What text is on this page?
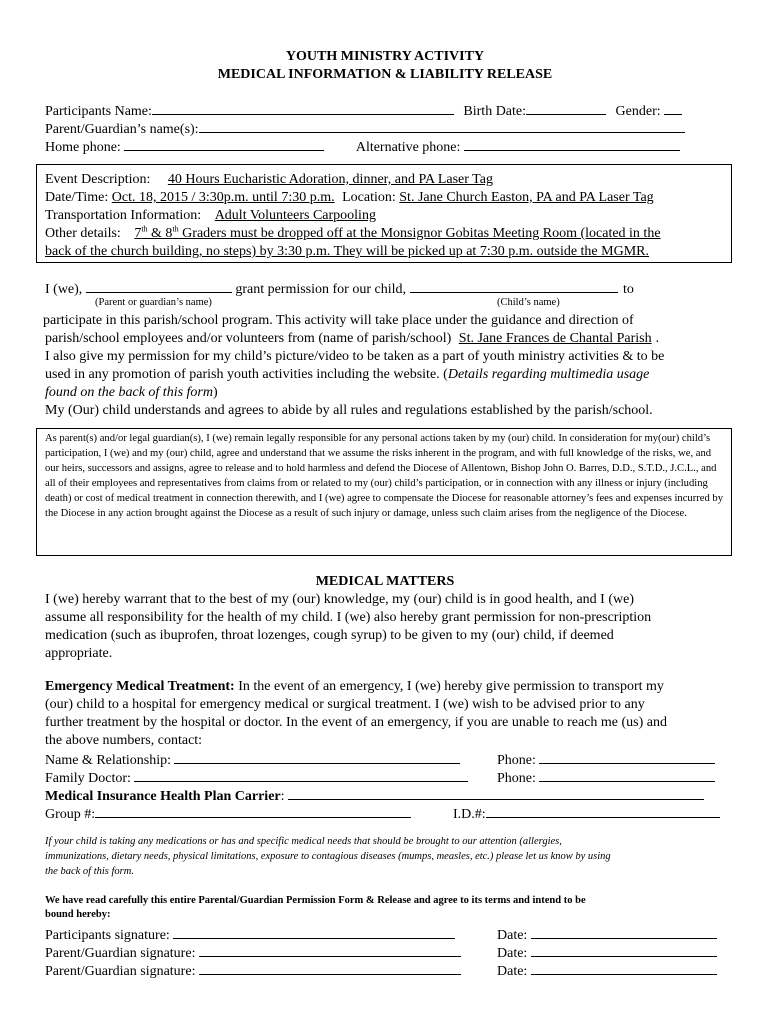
YOUTH MINISTRY ACTIVITY
MEDICAL INFORMATION & LIABILITY RELEASE
Participants Name:	Birth Date:	Gender:
Parent/Guardian’s name(s):
Home phone:	Alternative phone:
Event Description: 40 Hours Eucharistic Adoration, dinner, and PA Laser Tag
Date/Time: Oct. 18, 2015 / 3:30p.m. until 7:30 p.m. Location: St. Jane Church Easton, PA and PA Laser Tag
Transportation Information: Adult Volunteers Carpooling
Other details: 7th & 8th Graders must be dropped off at the Monsignor Gobitas Meeting Room (located in the
back of the church building, no steps) by 3:30 p.m. They will be picked up at 7:30 p.m. outside the MGMR.
I (we),	grant permission for our child,	to
(Parent or guardian’s name)	(Child’s name)
participate in this parish/school program. This activity will take place under the guidance and direction of
parish/school employees and/or volunteers from (name of parish/school) St. Jane Frances de Chantal Parish .
I also give my permission for my child’s picture/video to be taken as a part of youth ministry activities & to be
used in any promotion of parish youth activities including the website. (Details regarding multimedia usage
found on the back of this form)
My (Our) child understands and agrees to abide by all rules and regulations established by the parish/school.
As parent(s) and/or legal guardian(s), I (we) remain legally responsible for any personal actions taken by my (our) child. In consideration for my(our) child’s participation, I (we) and my (our) child, agree and understand that we assume the risks inherent in the program, and with full knowledge of the risks, we, and our heirs, successors and assigns, agree to release and to hold harmless and defend the Diocese of Allentown, Bishop John O. Barres, D.D., S.T.D., J.C.L., and all of their employees and representatives from claims from or related to my (our) child’s participation, or in connection with any illness or injury (including death) or cost of medical treatment in connection therewith, and I (we) agree to compensate the Diocese for reasonable attorney’s fees and expenses incurred by the Diocese in any action brought against the Diocese as a result of such injury or damage, unless such claim arises from the negligence of the Diocese.
MEDICAL MATTERS
I (we) hereby warrant that to the best of my (our) knowledge, my (our) child is in good health, and I (we)
assume all responsibility for the health of my child. I (we) also hereby grant permission for non-prescription
medication (such as ibuprofen, throat lozenges, cough syrup) to be given to my (our) child, if deemed
appropriate.
Emergency Medical Treatment: In the event of an emergency, I (we) hereby give permission to transport my
(our) child to a hospital for emergency medical or surgical treatment. I (we) wish to be advised prior to any
further treatment by the hospital or doctor. In the event of an emergency, if you are unable to reach me (us) and
the above numbers, contact:
Name & Relationship:	Phone:
Family Doctor:	Phone:
Medical Insurance Health Plan Carrier:
Group #:	I.D.#:
If your child is taking any medications or has and specific medical needs that should be brought to our attention (allergies,
immunizations, dietary needs, physical limitations, exposure to contagious diseases (mumps, measles, etc.) please let us know by using
the back of this form.
We have read carefully this entire Parental/Guardian Permission Form & Release and agree to its terms and intend to be
bound hereby:
Participants signature:	Date:
Parent/Guardian signature:	Date:
Parent/Guardian signature:	Date:
